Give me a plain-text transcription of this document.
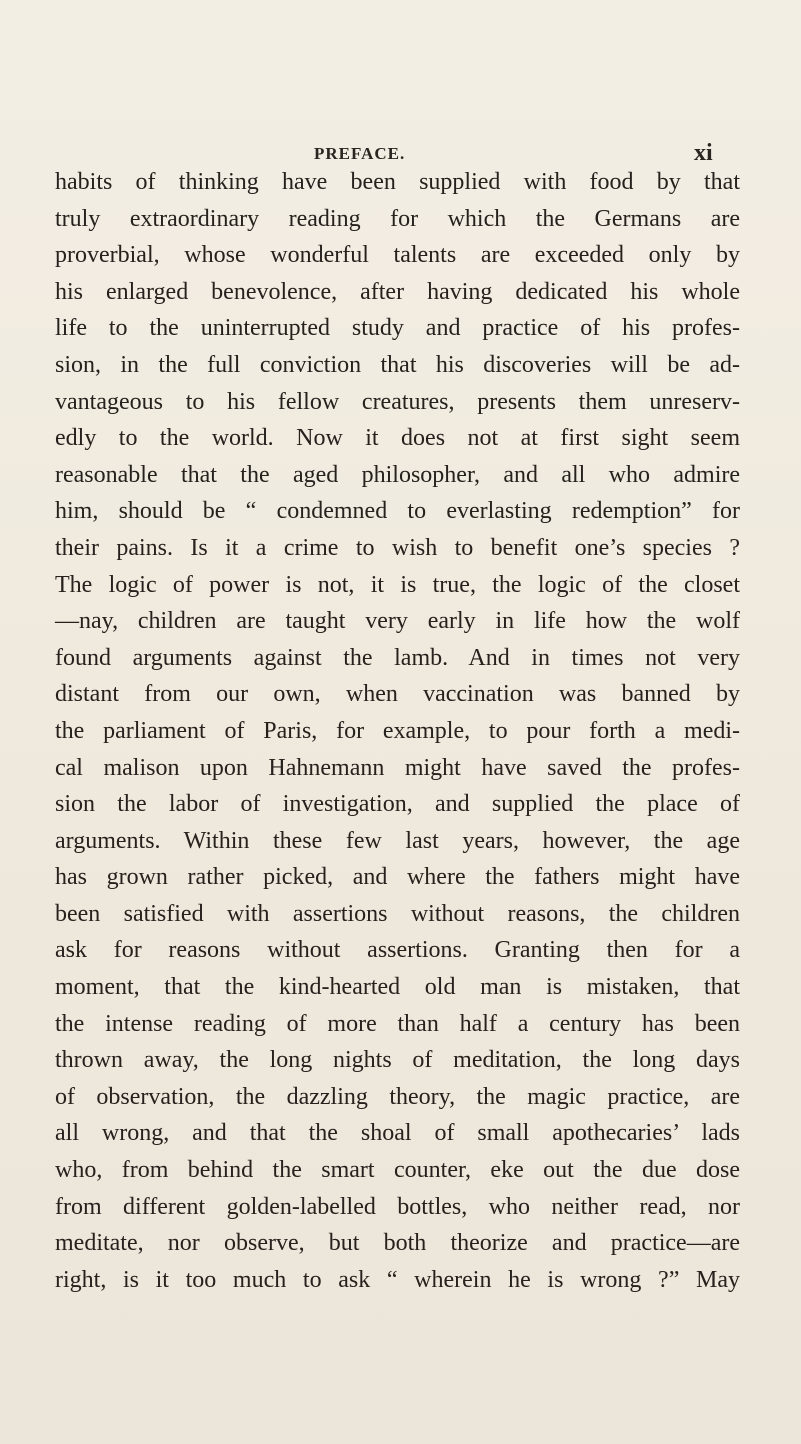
PREFACE.	xi
habits of thinking have been supplied with food by that
truly extraordinary reading for which the Germans are
proverbial, whose wonderful talents are exceeded only by
his enlarged benevolence, after having dedicated his whole
life to the uninterrupted study and practice of his profes-
sion, in the full conviction that his discoveries will be ad-
vantageous to his fellow creatures, presents them unreserv-
edly to the world. Now it does not at first sight seem
reasonable that the aged philosopher, and all who admire
him, should be “ condemned to everlasting redemption” for
their pains. Is it a crime to wish to benefit one’s species ?
The logic of power is not, it is true, the logic of the closet
—nay, children are taught very early in life how the wolf
found arguments against the lamb. And in times not very
distant from our own, when vaccination was banned by
the parliament of Paris, for example, to pour forth a medi-
cal malison upon Hahnemann might have saved the profes-
sion the labor of investigation, and supplied the place of
arguments. Within these few last years, however, the age
has grown rather picked, and where the fathers might have
been satisfied with assertions without reasons, the children
ask for reasons without assertions. Granting then for a
moment, that the kind-hearted old man is mistaken, that
the intense reading of more than half a century has been
thrown away, the long nights of meditation, the long days
of observation, the dazzling theory, the magic practice, are
all wrong, and that the shoal of small apothecaries’ lads
who, from behind the smart counter, eke out the due dose
from different golden-labelled bottles, who neither read, nor
meditate, nor observe, but both theorize and practice—are
right, is it too much to ask “ wherein he is wrong ?” May
